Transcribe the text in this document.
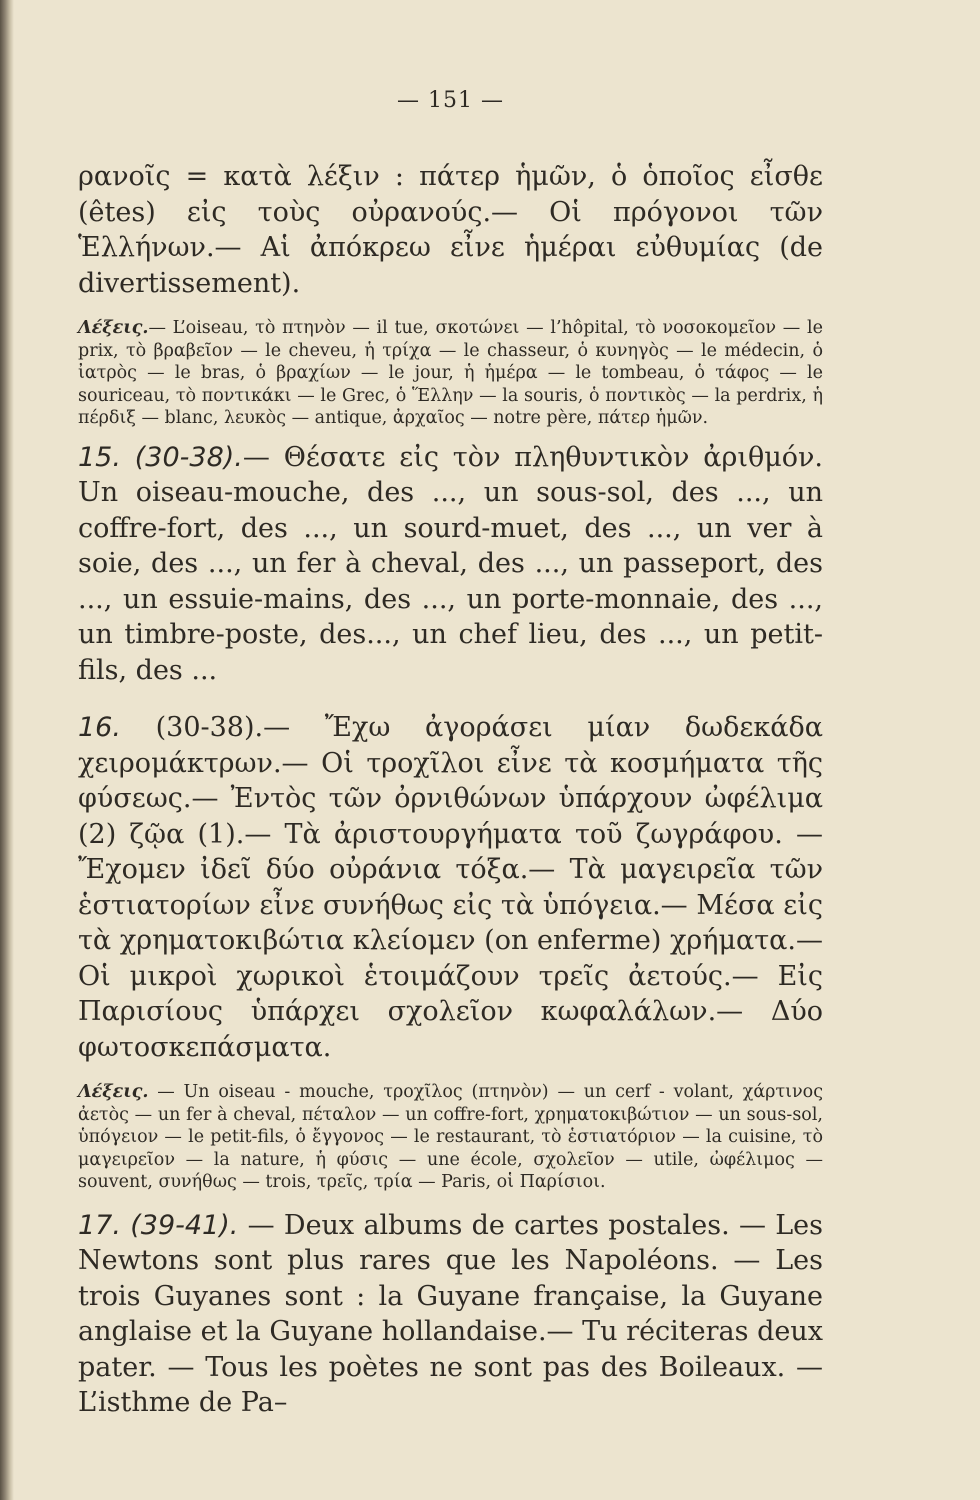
— 151 —

ρανοῖς = κατὰ λέξιν : πάτερ ἡμῶν, ὁ ὁποῖος εἶσθε (êtes) εἰς τοὺς οὐρανούς.— Οἱ πρόγονοι τῶν Ἑλλήνων.— Αἱ ἀπόκρεω εἶνε ἡμέραι εὐθυμίας (de divertissement).

Λέξεις.— L’oiseau, τὸ πτηνὸν — il tue, σκοτώνει — l’hôpital, τὸ νοσοκομεῖον — le prix, τὸ βραβεῖον — le cheveu, ἡ τρίχα — le chasseur, ὁ κυνηγὸς — le médecin, ὁ ἰατρὸς — le bras, ὁ βραχίων — le jour, ἡ ἡμέρα — le tombeau, ὁ τάφος — le souriceau, τὸ ποντικάκι — le Grec, ὁ Ἕλλην — la souris, ὁ ποντικὸς — la perdrix, ἡ πέρδιξ — blanc, λευκὸς — antique, ἀρχαῖος — notre père, πάτερ ἡμῶν.

15. (30-38).— Θέσατε εἰς τὸν πληθυντικὸν ἀριθμόν. Un oiseau-mouche, des ..., un sous-sol, des ..., un coffre-fort, des ..., un sourd-muet, des ..., un ver à soie, des ..., un fer à cheval, des ..., un passeport, des ..., un essuie-mains, des ..., un porte-monnaie, des ..., un timbre-poste, des..., un chef lieu, des ..., un petit-fils, des ...

16. (30-38).— Ἔχω ἀγοράσει μίαν δωδεκάδα χειρομάκτρων.— Οἱ τροχῖλοι εἶνε τὰ κοσμήματα τῆς φύσεως.— Ἐντὸς τῶν ὀρνιθώνων ὑπάρχουν ὠφέλιμα (2) ζῷα (1).— Τὰ ἀριστουργήματα τοῦ ζωγράφου. — Ἔχομεν ἰδεῖ δύο οὐράνια τόξα.— Τὰ μαγειρεῖα τῶν ἑστιατορίων εἶνε συνήθως εἰς τὰ ὑπόγεια.— Μέσα εἰς τὰ χρηματοκιβώτια κλείομεν (on enferme) χρήματα.— Οἱ μικροὶ χωρικοὶ ἑτοιμάζουν τρεῖς ἀετούς.— Εἰς Παρισίους ὑπάρχει σχολεῖον κωφαλάλων.— Δύο φωτοσκεπάσματα.

Λέξεις. — Un oiseau - mouche, τροχῖλος (πτηνὸν) — un cerf - volant, χάρτινος ἀετὸς — un fer à cheval, πέταλον — un coffre-fort, χρηματοκιβώτιον — un sous-sol, ὑπόγειον — le petit-fils, ὁ ἔγγονος — le restaurant, τὸ ἑστιατόριον — la cuisine, τὸ μαγειρεῖον — la nature, ἡ φύσις — une école, σχολεῖον — utile, ὠφέλιμος — souvent, συνήθως — trois, τρεῖς, τρία — Paris, οἱ Παρίσιοι.

17. (39-41). — Deux albums de cartes postales. — Les Newtons sont plus rares que les Napoléons. — Les trois Guyanes sont : la Guyane française, la Guyane anglaise et la Guyane hollandaise.— Tu réciteras deux pater. — Tous les poètes ne sont pas des Boileaux. — L’isthme de Pa–
